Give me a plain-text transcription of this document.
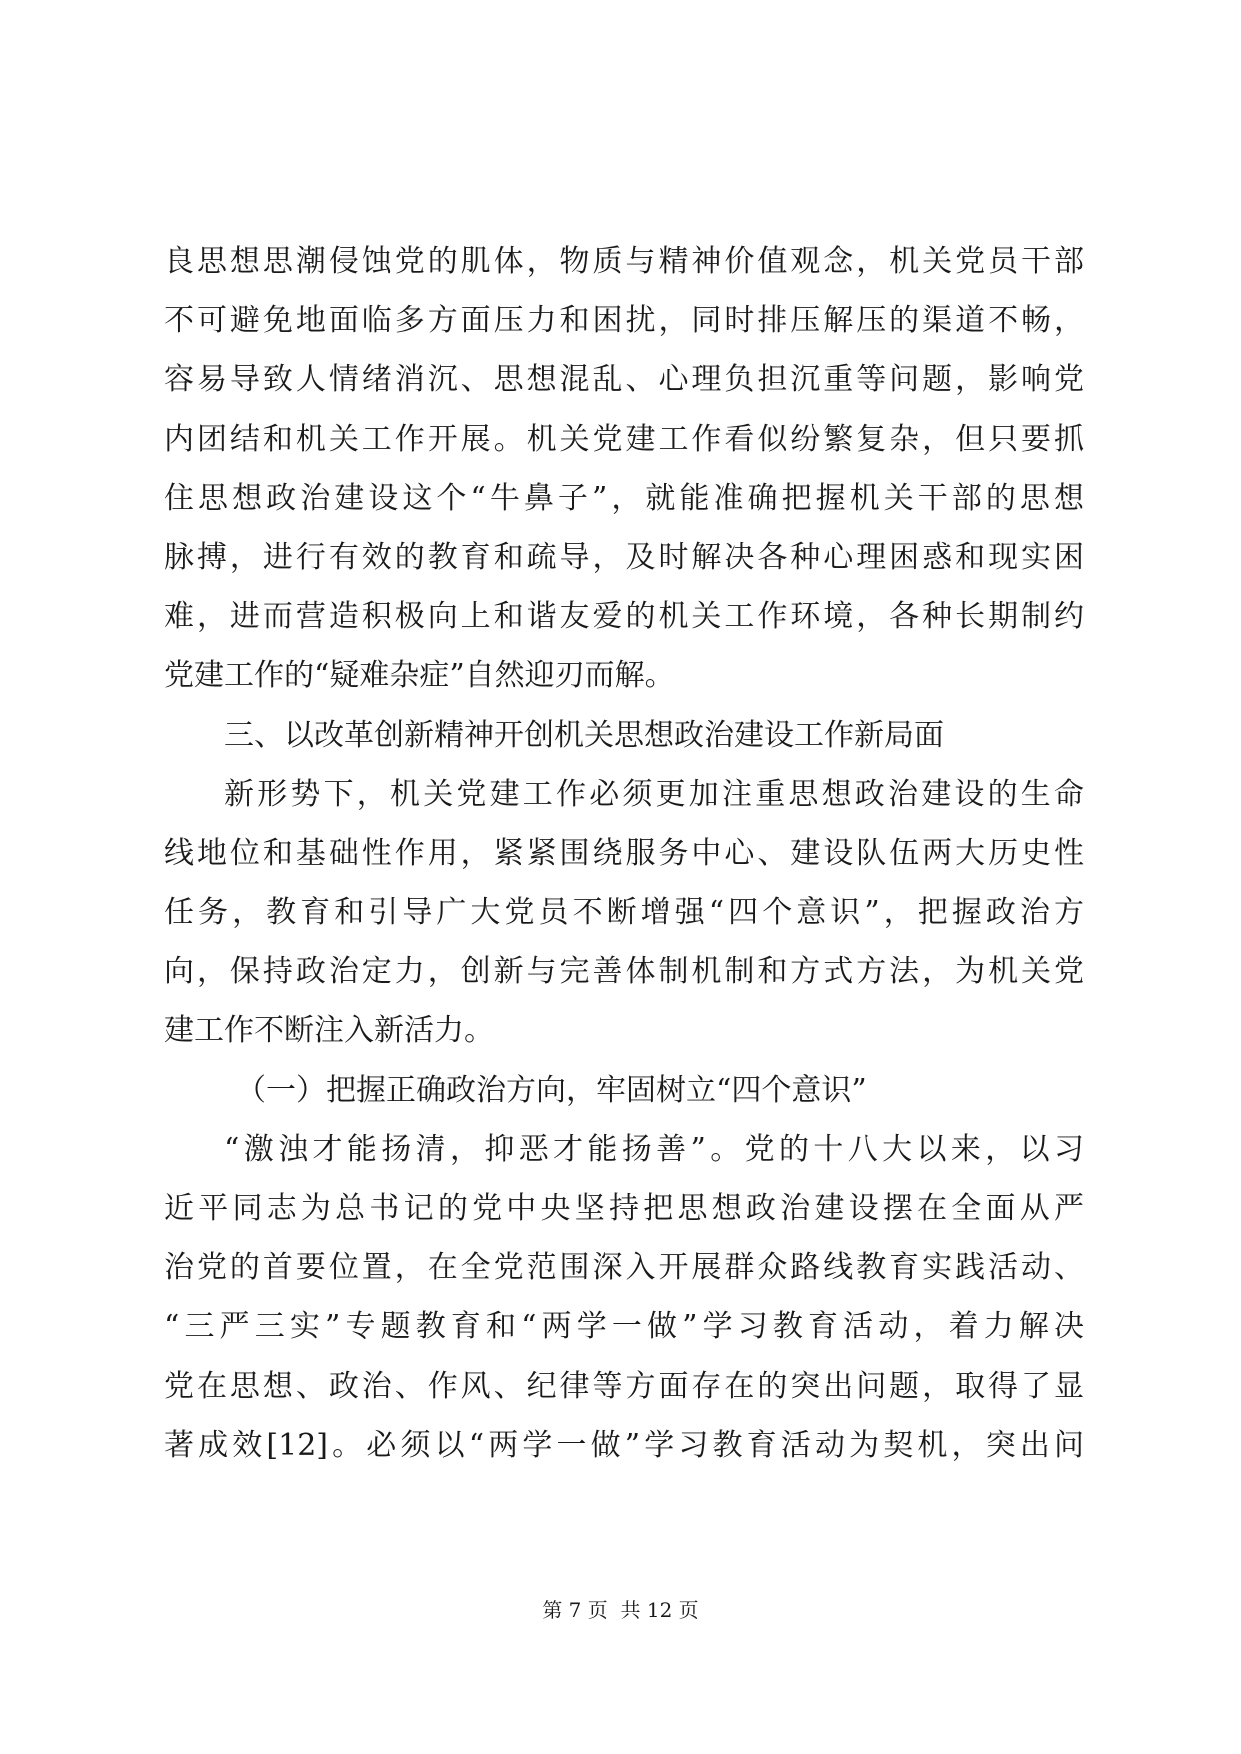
良思想思潮侵蚀党的肌体，物质与精神价值观念，机关党员干部
不可避免地面临多方面压力和困扰，同时排压解压的渠道不畅，
容易导致人情绪消沉、思想混乱、心理负担沉重等问题，影响党
内团结和机关工作开展。机关党建工作看似纷繁复杂，但只要抓
住思想政治建设这个“牛鼻子”，就能准确把握机关干部的思想
脉搏，进行有效的教育和疏导，及时解决各种心理困惑和现实困
难，进而营造积极向上和谐友爱的机关工作环境，各种长期制约
党建工作的“疑难杂症”自然迎刃而解。
三、以改革创新精神开创机关思想政治建设工作新局面
新形势下，机关党建工作必须更加注重思想政治建设的生命
线地位和基础性作用，紧紧围绕服务中心、建设队伍两大历史性
任务，教育和引导广大党员不断增强“四个意识”，把握政治方
向，保持政治定力，创新与完善体制机制和方式方法，为机关党
建工作不断注入新活力。
（一）把握正确政治方向，牢固树立“四个意识”
“激浊才能扬清，抑恶才能扬善”。党的十八大以来，以习
近平同志为总书记的党中央坚持把思想政治建设摆在全面从严
治党的首要位置，在全党范围深入开展群众路线教育实践活动、
“三严三实”专题教育和“两学一做”学习教育活动，着力解决
党在思想、政治、作风、纪律等方面存在的突出问题，取得了显
著成效[12]。必须以“两学一做”学习教育活动为契机，突出问
第 7 页  共 12 页
